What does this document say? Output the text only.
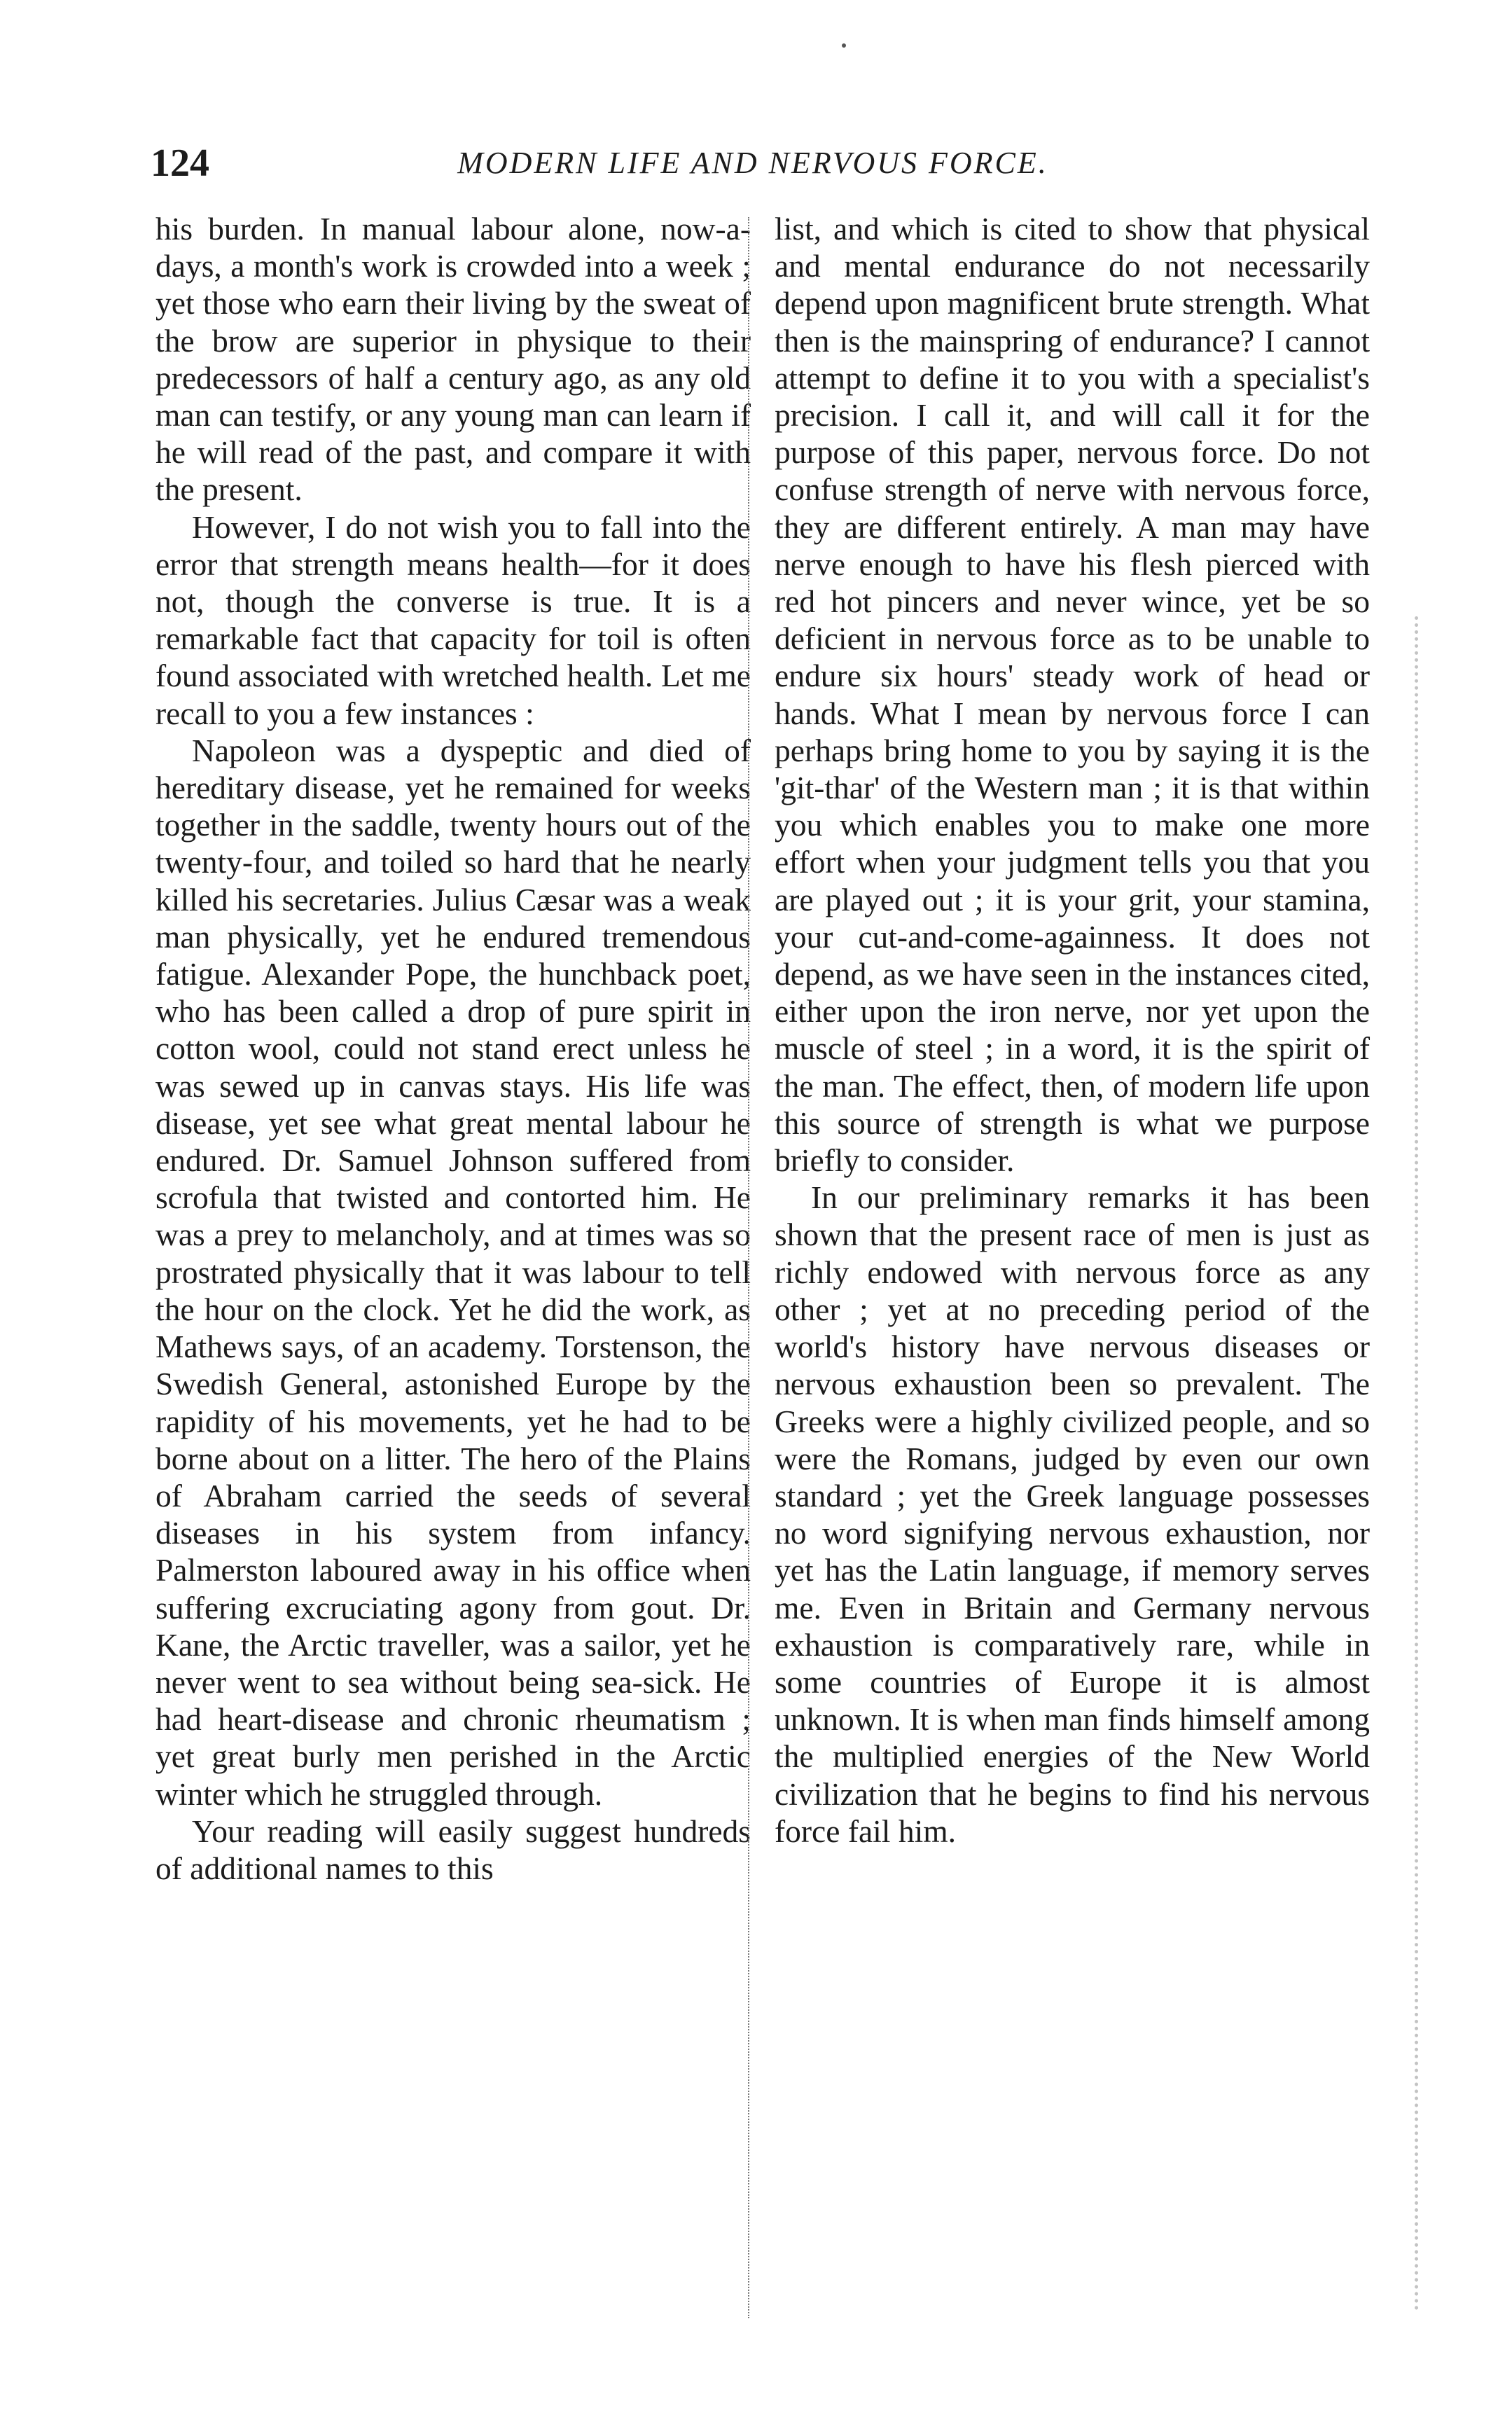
124	MODERN LIFE AND NERVOUS FORCE.

his burden. In manual labour alone, now-a-days, a month's work is crowded into a week ; yet those who earn their living by the sweat of the brow are superior in physique to their predecessors of half a century ago, as any old man can testify, or any young man can learn if he will read of the past, and compare it with the present.

However, I do not wish you to fall into the error that strength means health—for it does not, though the converse is true. It is a remarkable fact that capacity for toil is often found associated with wretched health. Let me recall to you a few instances :

Napoleon was a dyspeptic and died of hereditary disease, yet he remained for weeks together in the saddle, twenty hours out of the twenty-four, and toiled so hard that he nearly killed his secretaries. Julius Cæsar was a weak man physically, yet he endured tremendous fatigue. Alexander Pope, the hunchback poet, who has been called a drop of pure spirit in cotton wool, could not stand erect unless he was sewed up in canvas stays. His life was disease, yet see what great mental labour he endured. Dr. Samuel Johnson suffered from scrofula that twisted and contorted him. He was a prey to melancholy, and at times was so prostrated physically that it was labour to tell the hour on the clock. Yet he did the work, as Mathews says, of an academy. Torstenson, the Swedish General, astonished Europe by the rapidity of his movements, yet he had to be borne about on a litter. The hero of the Plains of Abraham carried the seeds of several diseases in his system from infancy. Palmerston laboured away in his office when suffering excruciating agony from gout. Dr. Kane, the Arctic traveller, was a sailor, yet he never went to sea without being sea-sick. He had heart-disease and chronic rheumatism ; yet great burly men perished in the Arctic winter which he struggled through.

Your reading will easily suggest hundreds of additional names to this

list, and which is cited to show that physical and mental endurance do not necessarily depend upon magnificent brute strength. What then is the mainspring of endurance? I cannot attempt to define it to you with a specialist's precision. I call it, and will call it for the purpose of this paper, nervous force. Do not confuse strength of nerve with nervous force, they are different entirely. A man may have nerve enough to have his flesh pierced with red hot pincers and never wince, yet be so deficient in nervous force as to be unable to endure six hours' steady work of head or hands. What I mean by nervous force I can perhaps bring home to you by saying it is the 'git-thar' of the Western man ; it is that within you which enables you to make one more effort when your judgment tells you that you are played out ; it is your grit, your stamina, your cut-and-come-againness. It does not depend, as we have seen in the instances cited, either upon the iron nerve, nor yet upon the muscle of steel ; in a word, it is the spirit of the man. The effect, then, of modern life upon this source of strength is what we purpose briefly to consider.

In our preliminary remarks it has been shown that the present race of men is just as richly endowed with nervous force as any other ; yet at no preceding period of the world's history have nervous diseases or nervous exhaustion been so prevalent. The Greeks were a highly civilized people, and so were the Romans, judged by even our own standard ; yet the Greek language possesses no word signifying nervous exhaustion, nor yet has the Latin language, if memory serves me. Even in Britain and Germany nervous exhaustion is comparatively rare, while in some countries of Europe it is almost unknown. It is when man finds himself among the multiplied energies of the New World civilization that he begins to find his nervous force fail him.
